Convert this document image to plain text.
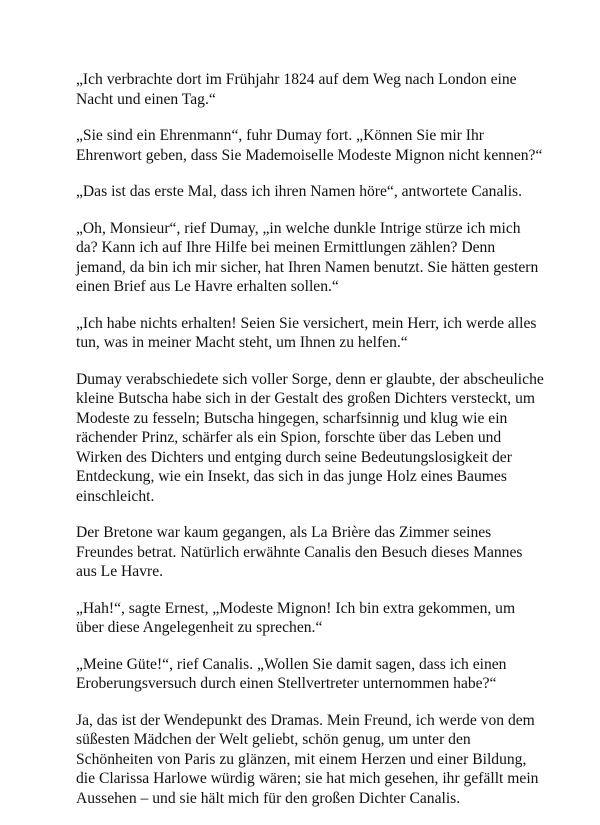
„Ich verbrachte dort im Frühjahr 1824 auf dem Weg nach London eine Nacht und einen Tag.“

„Sie sind ein Ehrenmann“, fuhr Dumay fort. „Können Sie mir Ihr Ehrenwort geben, dass Sie Mademoiselle Modeste Mignon nicht kennen?“

„Das ist das erste Mal, dass ich ihren Namen höre“, antwortete Canalis.

„Oh, Monsieur“, rief Dumay, „in welche dunkle Intrige stürze ich mich da? Kann ich auf Ihre Hilfe bei meinen Ermittlungen zählen? Denn jemand, da bin ich mir sicher, hat Ihren Namen benutzt. Sie hätten gestern einen Brief aus Le Havre erhalten sollen.“

„Ich habe nichts erhalten! Seien Sie versichert, mein Herr, ich werde alles tun, was in meiner Macht steht, um Ihnen zu helfen.“

Dumay verabschiedete sich voller Sorge, denn er glaubte, der abscheuliche kleine Butscha habe sich in der Gestalt des großen Dichters versteckt, um Modeste zu fesseln; Butscha hingegen, scharfsinnig und klug wie ein rächender Prinz, schärfer als ein Spion, forschte über das Leben und Wirken des Dichters und entging durch seine Bedeutungslosigkeit der Entdeckung, wie ein Insekt, das sich in das junge Holz eines Baumes einschleicht.

Der Bretone war kaum gegangen, als La Brière das Zimmer seines Freundes betrat. Natürlich erwähnte Canalis den Besuch dieses Mannes aus Le Havre.

„Hah!“, sagte Ernest, „Modeste Mignon! Ich bin extra gekommen, um über diese Angelegenheit zu sprechen.“

„Meine Güte!“, rief Canalis. „Wollen Sie damit sagen, dass ich einen Eroberungsversuch durch einen Stellvertreter unternommen habe?“

Ja, das ist der Wendepunkt des Dramas. Mein Freund, ich werde von dem süßesten Mädchen der Welt geliebt, schön genug, um unter den Schönheiten von Paris zu glänzen, mit einem Herzen und einer Bildung, die Clarissa Harlowe würdig wären; sie hat mich gesehen, ihr gefällt mein Aussehen – und sie hält mich für den großen Dichter Canalis.
